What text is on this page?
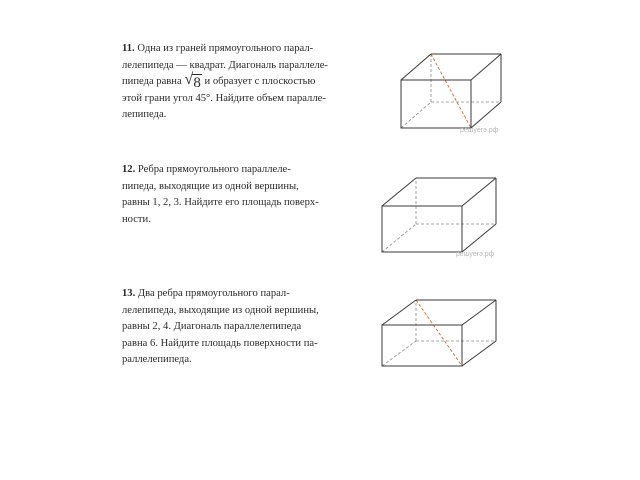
11. Одна из граней прямоугольного парал-
лелепипеда — квадрат. Диагональ параллеле-
пипеда равна √ 8 и образует с плоскостью
этой грани угол 45°. Найдите объем паралле-
лепипеда.
решуегэ.рф
12. Ребра прямоугольного параллеле-
пипеда, выходящие из одной вершины,
равны 1, 2, 3. Найдите его площадь поверх-
ности.
решуегэ.рф
13. Два ребра прямоугольного парал-
лелепипеда, выходящие из одной вершины,
равны 2, 4. Диагональ параллелепипеда
равна 6. Найдите площадь поверхности па-
раллелепипеда.
